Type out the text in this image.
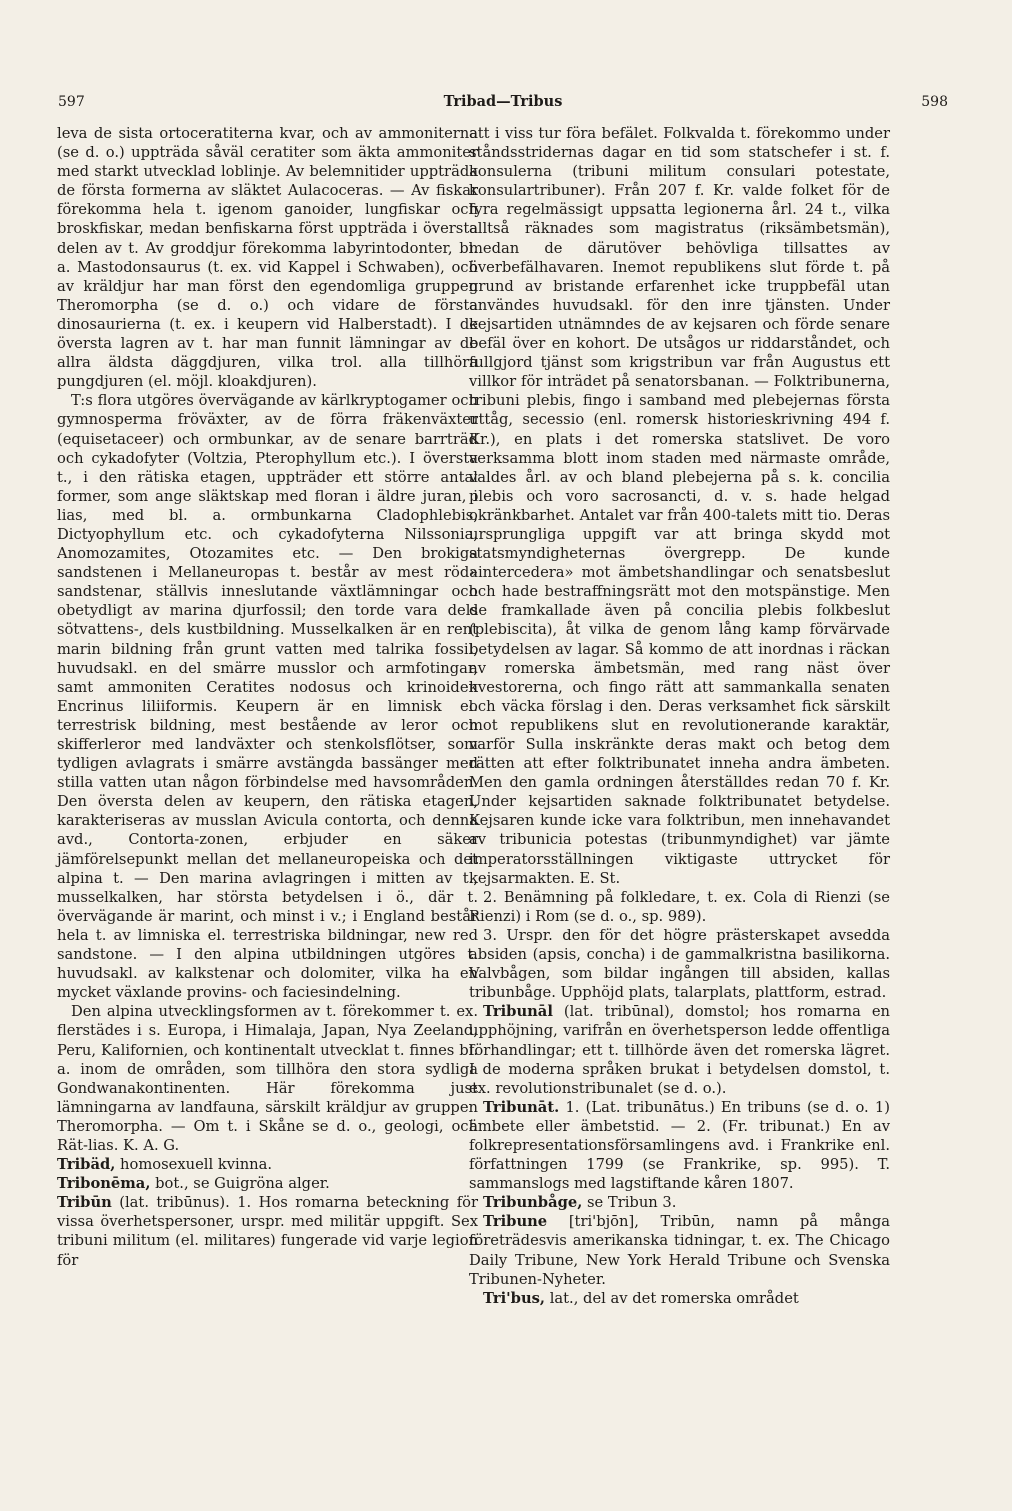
597	Tribad—Tribus	598

leva de sista ortoceratiterna kvar, och av ammoniterna (se d. o.) uppträda såväl ceratiter som äkta ammoniter med starkt utvecklad loblinje. Av belemnitider uppträda de första formerna av släktet Aulacoceras. — Av fiskar förekomma hela t. igenom ganoider, lungfiskar och broskfiskar, medan benfiskarna först uppträda i översta delen av t. Av groddjur förekomma labyrintodonter, bl. a. Mastodonsaurus (t. ex. vid Kappel i Schwaben), och av kräldjur har man först den egendomliga gruppen Theromorpha (se d. o.) och vidare de första dinosaurierna (t. ex. i keupern vid Halberstadt). I de översta lagren av t. har man funnit lämningar av de allra äldsta däggdjuren, vilka trol. alla tillhöra pungdjuren (el. möjl. kloakdjuren).

T:s flora utgöres övervägande av kärlkryptogamer och gymnosperma fröväxter, av de förra fräkenväxter (equisetaceer) och ormbunkar, av de senare barrträd och cykadofyter (Voltzia, Pterophyllum etc.). I översta t., i den rätiska etagen, uppträder ett större antal former, som ange släktskap med floran i äldre juran, i lias, med bl. a. ormbunkarna Cladophlebis, Dictyophyllum etc. och cykadofyterna Nilssonia, Anomozamites, Otozamites etc. — Den brokiga sandstenen i Mellaneuropas t. består av mest röda sandstenar, ställvis inneslutande växtlämningar och obetydligt av marina djurfossil; den torde vara dels sötvattens-, dels kustbildning. Musselkalken är en rent marin bildning från grunt vatten med talrika fossil, huvudsakl. en del smärre musslor och armfotingar, samt ammoniten Ceratites nodosus och krinoiden Encrinus liliiformis. Keupern är en limnisk el. terrestrisk bildning, mest bestående av leror och skifferleror med landväxter och stenkolsflötser, som tydligen avlagrats i smärre avstängda bassänger med stilla vatten utan någon förbindelse med havsområden. Den översta delen av keupern, den rätiska etagen, karakteriseras av musslan Avicula contorta, och denna avd., Contorta-zonen, erbjuder en säker jämförelsepunkt mellan det mellaneuropeiska och det alpina t. — Den marina avlagringen i mitten av t., musselkalken, har största betydelsen i ö., där t. övervägande är marint, och minst i v.; i England består hela t. av limniska el. terrestriska bildningar, new red sandstone. — I den alpina utbildningen utgöres t. huvudsakl. av kalkstenar och dolomiter, vilka ha en mycket växlande provins- och faciesindelning.

Den alpina utvecklingsformen av t. förekommer t. ex. flerstädes i s. Europa, i Himalaja, Japan, Nya Zeeland, Peru, Kalifornien, och kontinentalt utvecklat t. finnes bl. a. inom de områden, som tillhöra den stora sydliga Gondwanakontinenten. Här förekomma just lämningarna av landfauna, särskilt kräldjur av gruppen Theromorpha. — Om t. i Skåne se d. o., geologi, och Rät-lias. K. A. G.

Tribäd, homosexuell kvinna.

Tribonēma, bot., se Guigröna alger.

Tribūn (lat. tribūnus). 1. Hos romarna beteckning för vissa överhetspersoner, urspr. med militär uppgift. Sex tribuni militum (el. militares) fungerade vid varje legion för

att i viss tur föra befälet. Folkvalda t. förekommo under ståndsstridernas dagar en tid som statschefer i st. f. konsulerna (tribuni militum consulari potestate, konsulartribuner). Från 207 f. Kr. valde folket för de fyra regelmässigt uppsatta legionerna årl. 24 t., vilka alltså räknades som magistratus (riksämbetsmän), medan de därutöver behövliga tillsattes av överbefälhavaren. Inemot republikens slut förde t. på grund av bristande erfarenhet icke truppbefäl utan användes huvudsakl. för den inre tjänsten. Under kejsartiden utnämndes de av kejsaren och förde senare befäl över en kohort. De utsågos ur riddarståndet, och fullgjord tjänst som krigstribun var från Augustus ett villkor för inträdet på senatorsbanan. — Folktribunerna, tribuni plebis, fingo i samband med plebejernas första uttåg, secessio (enl. romersk historieskrivning 494 f. Kr.), en plats i det romerska statslivet. De voro verksamma blott inom staden med närmaste område, valdes årl. av och bland plebejerna på s. k. concilia plebis och voro sacrosancti, d. v. s. hade helgad okränkbarhet. Antalet var från 400-talets mitt tio. Deras ursprungliga uppgift var att bringa skydd mot statsmyndigheternas övergrepp. De kunde »intercedera» mot ämbetshandlingar och senatsbeslut och hade bestraffningsrätt mot den motspänstige. Men de framkallade även på concilia plebis folkbeslut (plebiscita), åt vilka de genom lång kamp förvärvade betydelsen av lagar. Så kommo de att inordnas i räckan av romerska ämbetsmän, med rang näst över kvestorerna, och fingo rätt att sammankalla senaten och väcka förslag i den. Deras verksamhet fick särskilt mot republikens slut en revolutionerande karaktär, varför Sulla inskränkte deras makt och betog dem rätten att efter folktribunatet inneha andra ämbeten. Men den gamla ordningen återställdes redan 70 f. Kr. Under kejsartiden saknade folktribunatet betydelse. Kejsaren kunde icke vara folktribun, men innehavandet av tribunicia potestas (tribunmyndighet) var jämte imperatorsställningen viktigaste uttrycket för kejsarmakten. E. St.

2. Benämning på folkledare, t. ex. Cola di Rienzi (se Rienzi) i Rom (se d. o., sp. 989).

3. Urspr. den för det högre prästerskapet avsedda absiden (apsis, concha) i de gammalkristna basilikorna. Valvbågen, som bildar ingången till absiden, kallas tribunbåge. Upphöjd plats, talarplats, plattform, estrad.

Tribunāl (lat. tribūnal), domstol; hos romarna en upphöjning, varifrån en överhetsperson ledde offentliga förhandlingar; ett t. tillhörde även det romerska lägret. I de moderna språken brukat i betydelsen domstol, t. ex. revolutionstribunalet (se d. o.).

Tribunāt. 1. (Lat. tribunātus.) En tribuns (se d. o. 1) ämbete eller ämbetstid. — 2. (Fr. tribunat.) En av folkrepresentationsförsamlingens avd. i Frankrike enl. författningen 1799 (se Frankrike, sp. 995). T. sammanslogs med lagstiftande kåren 1807.

Tribunbåge, se Tribun 3.

Tribune [tri'bjōn], Tribūn, namn på många företrädesvis amerikanska tidningar, t. ex. The Chicago Daily Tribune, New York Herald Tribune och Svenska Tribunen-Nyheter.

Tri'bus, lat., del av det romerska området
